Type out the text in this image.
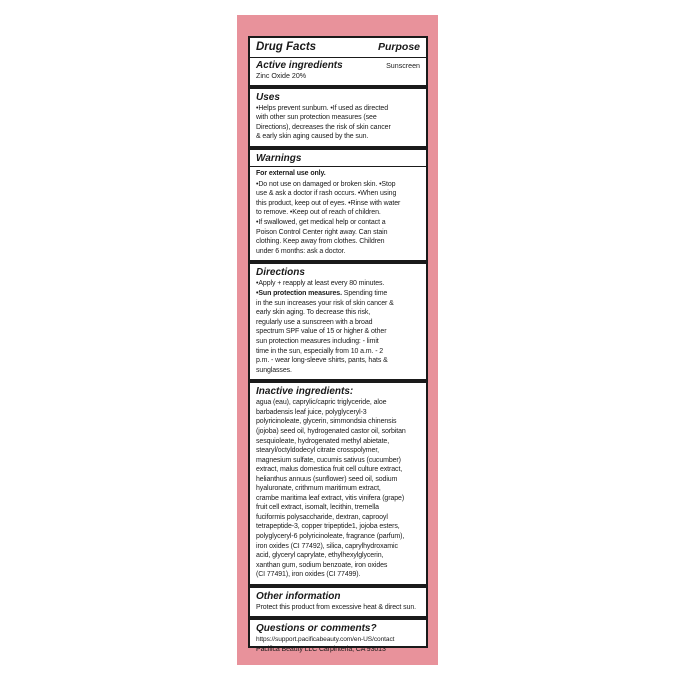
Drug Facts	Purpose
Active ingredients	Sunscreen
Zinc Oxide 20%
Uses
•Helps prevent sunburn. •If used as directed
with other sun protection measures (see
Directions), decreases the risk of skin cancer
& early skin aging caused by the sun.
Warnings
For external use only.
•Do not use on damaged or broken skin. •Stop
use & ask a doctor if rash occurs. •When using
this product, keep out of eyes. •Rinse with water
to remove. •Keep out of reach of children.
•If swallowed, get medical help or contact a
Poison Control Center right away. Can stain
clothing. Keep away from clothes. Children
under 6 months: ask a doctor.
Directions
•Apply + reapply at least every 80 minutes.
•Sun protection measures. Spending time
in the sun increases your risk of skin cancer &
early skin aging. To decrease this risk,
regularly use a sunscreen with a broad
spectrum SPF value of 15 or higher & other
sun protection measures including: - limit
time in the sun, especially from 10 a.m. - 2
p.m. - wear long-sleeve shirts, pants, hats &
sunglasses.
Inactive ingredients:
agua (eau), caprylic/capric triglyceride, aloe
barbadensis leaf juice, polyglyceryl-3
polyricinoleate, glycerin, simmondsia chinensis
(jojoba) seed oil, hydrogenated castor oil, sorbitan
sesquioleate, hydrogenated methyl abietate,
stearyl/octyldodecyl citrate crosspolymer,
magnesium sulfate, cucumis sativus (cucumber)
extract, malus domestica fruit cell culture extract,
helianthus annuus (sunflower) seed oil, sodium
hyaluronate, crithmum maritimum extract,
crambe maritima leaf extract, vitis vinifera (grape)
fruit cell extract, isomalt, lecithin, tremella
fuciformis polysaccharide, dextran, caprooyl
tetrapeptide-3, copper tripeptide1, jojoba esters,
polyglyceryl-6 polyricinoleate, fragrance (parfum),
iron oxides (CI 77492), silica, caprylhydroxamic
acid, glyceryl caprylate, ethylhexylglycerin,
xanthan gum, sodium benzoate, iron oxides
(CI 77491), iron oxides (CI 77499).
Other information
Protect this product from excessive heat & direct sun.
Questions or comments?
https://support.pacificabeauty.com/en-US/contact
Pacifica Beauty LLC Carpinteria, CA 93013
